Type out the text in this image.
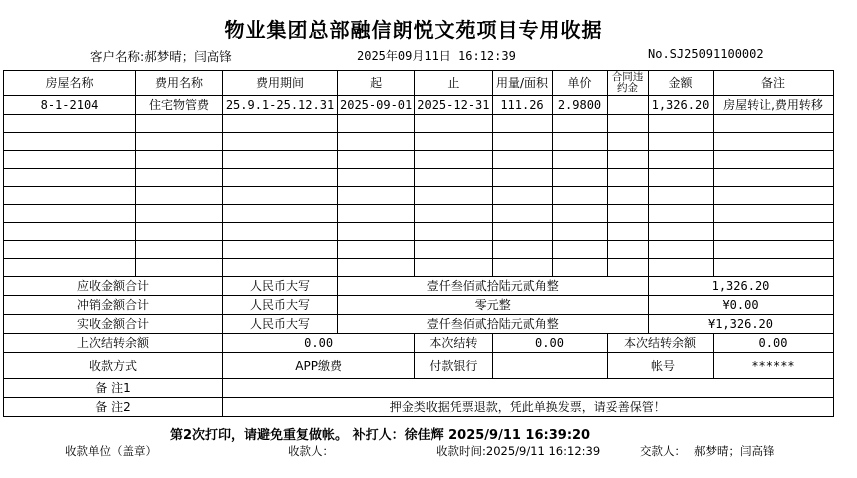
物业集团总部融信朗悦文苑项目专用收据
客户名称:郝梦晴；闫高锋	2025年09月11日 16:12:39	No.SJ25091100002
房屋名称	费用名称	费用期间	起	止	用量/面积	单价	合同违约金	金额	备注	
8-1-2104	住宅物管费	25.9.1-25.12.31	2025-09-01	2025-12-31	111.26	2.9800		1,326.20	房屋转让,费用转移	

应收金额合计		人民币大写	壹仟叁佰贰拾陆元贰角整					1,326.20		
冲销金额合计		人民币大写	零元整					¥0.00		
实收金额合计		人民币大写	壹仟叁佰贰拾陆元贰角整					¥1,326.20		
上次结转余额		0.00		本次结转	0.00		本次结转余额		0.00	
收款方式		APP缴费		付款银行			帐号		******	
备 注1										
备 注2		押金类收据凭票退款，凭此单换发票，请妥善保管！								
第2次打印，请避免重复做帐。 补打人：徐佳辉 2025/9/11 16:39:20
收款单位（盖章）	收款人：	收款时间:2025/9/11 16:12:39	交款人： 郝梦晴；闫高锋
